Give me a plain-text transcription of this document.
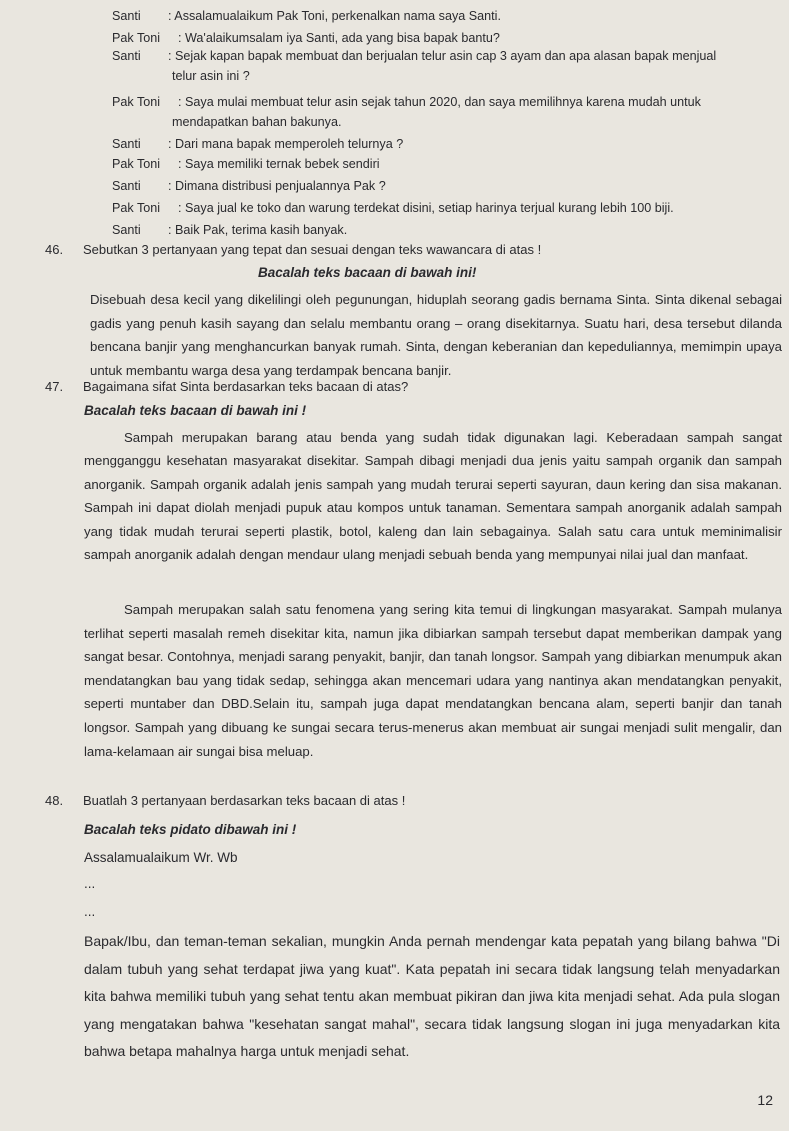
Santi : Assalamualaikum Pak Toni, perkenalkan nama saya Santi.
Pak Toni : Wa'alaikumsalam iya Santi, ada yang bisa bapak bantu?
Santi : Sejak kapan bapak membuat dan berjualan telur asin cap 3 ayam dan apa alasan bapak menjual
telur asin ini ?
Pak Toni : Saya mulai membuat telur asin sejak tahun 2020, dan saya memilihnya karena mudah untuk
mendapatkan bahan bakunya.
Santi : Dari mana bapak memperoleh telurnya ?
Pak Toni : Saya memiliki ternak bebek sendiri
Santi : Dimana distribusi penjualannya Pak ?
Pak Toni : Saya jual ke toko dan warung terdekat disini, setiap harinya terjual kurang lebih 100 biji.
Santi : Baik Pak, terima kasih banyak.
46. Sebutkan 3 pertanyaan yang tepat dan sesuai dengan teks wawancara di atas !
Bacalah teks bacaan di bawah ini!

Disebuah desa kecil yang dikelilingi oleh pegunungan, hiduplah seorang gadis bernama Sinta. Sinta dikenal sebagai gadis yang penuh kasih sayang dan selalu membantu orang – orang disekitarnya. Suatu hari, desa tersebut dilanda bencana banjir yang menghancurkan banyak rumah. Sinta, dengan keberanian dan kepeduliannya, memimpin upaya untuk membantu warga desa yang terdampak bencana banjir.

47. Bagaimana sifat Sinta berdasarkan teks bacaan di atas?
Bacalah teks bacaan di bawah ini !

Sampah merupakan barang atau benda yang sudah tidak digunakan lagi. Keberadaan sampah sangat mengganggu kesehatan masyarakat disekitar. Sampah dibagi menjadi dua jenis yaitu sampah organik dan sampah anorganik. Sampah organik adalah jenis sampah yang mudah terurai seperti sayuran, daun kering dan sisa makanan. Sampah ini dapat diolah menjadi pupuk atau kompos untuk tanaman. Sementara sampah anorganik adalah sampah yang tidak mudah terurai seperti plastik, botol, kaleng dan lain sebagainya. Salah satu cara untuk meminimalisir sampah anorganik adalah dengan mendaur ulang menjadi sebuah benda yang mempunyai nilai jual dan manfaat.

Sampah merupakan salah satu fenomena yang sering kita temui di lingkungan masyarakat. Sampah mulanya terlihat seperti masalah remeh disekitar kita, namun jika dibiarkan sampah tersebut dapat memberikan dampak yang sangat besar. Contohnya, menjadi sarang penyakit, banjir, dan tanah longsor. Sampah yang dibiarkan menumpuk akan mendatangkan bau yang tidak sedap, sehingga akan mencemari udara yang nantinya akan mendatangkan penyakit, seperti muntaber dan DBD.Selain itu, sampah juga dapat mendatangkan bencana alam, seperti banjir dan tanah longsor. Sampah yang dibuang ke sungai secara terus-menerus akan membuat air sungai menjadi sulit mengalir, dan lama-kelamaan air sungai bisa meluap.

48. Buatlah 3 pertanyaan berdasarkan teks bacaan di atas !
Bacalah teks pidato dibawah ini !
Assalamualaikum Wr. Wb
...
...
Bapak/Ibu, dan teman-teman sekalian, mungkin Anda pernah mendengar kata pepatah yang bilang bahwa "Di dalam tubuh yang sehat terdapat jiwa yang kuat". Kata pepatah ini secara tidak langsung telah menyadarkan kita bahwa memiliki tubuh yang sehat tentu akan membuat pikiran dan jiwa kita menjadi sehat. Ada pula slogan yang mengatakan bahwa "kesehatan sangat mahal", secara tidak langsung slogan ini juga menyadarkan kita bahwa betapa mahalnya harga untuk menjadi sehat.
12
